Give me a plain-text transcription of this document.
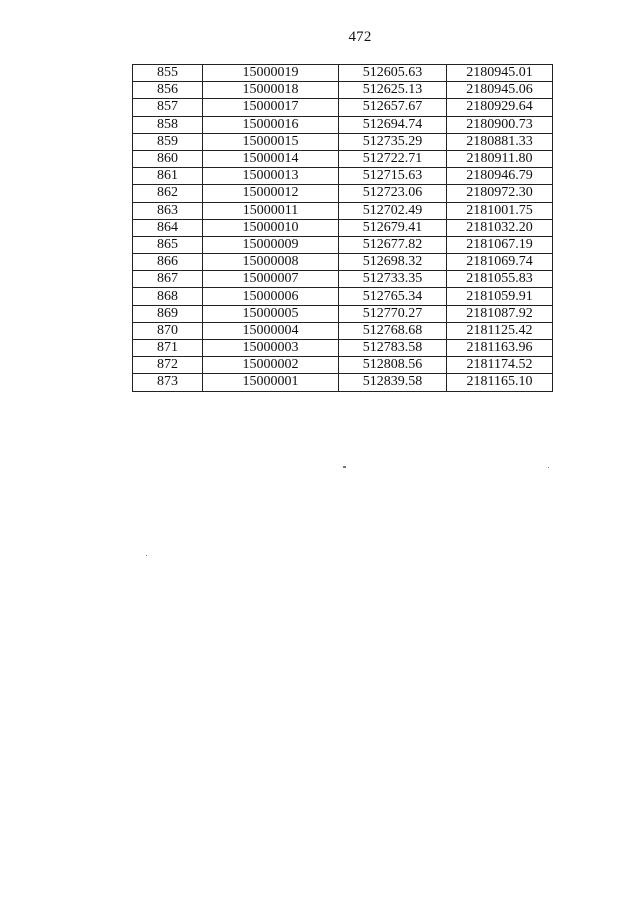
472
855	15000019	512605.63	2180945.01
856	15000018	512625.13	2180945.06
857	15000017	512657.67	2180929.64
858	15000016	512694.74	2180900.73
859	15000015	512735.29	2180881.33
860	15000014	512722.71	2180911.80
861	15000013	512715.63	2180946.79
862	15000012	512723.06	2180972.30
863	15000011	512702.49	2181001.75
864	15000010	512679.41	2181032.20
865	15000009	512677.82	2181067.19
866	15000008	512698.32	2181069.74
867	15000007	512733.35	2181055.83
868	15000006	512765.34	2181059.91
869	15000005	512770.27	2181087.92
870	15000004	512768.68	2181125.42
871	15000003	512783.58	2181163.96
872	15000002	512808.56	2181174.52
873	15000001	512839.58	2181165.10
